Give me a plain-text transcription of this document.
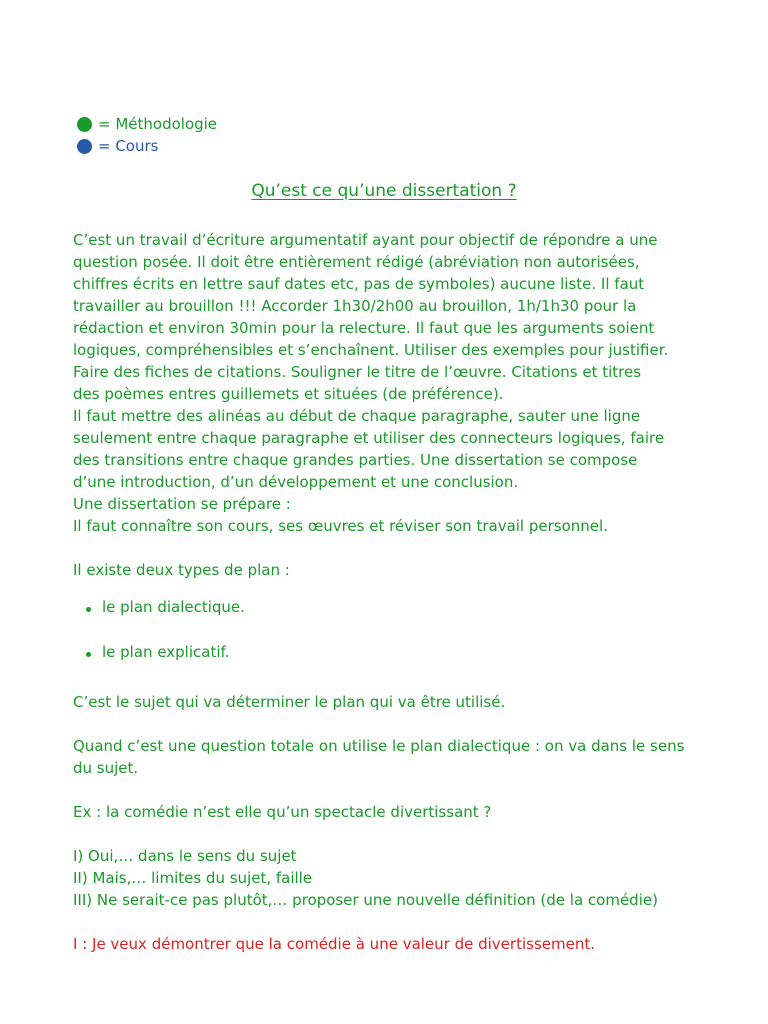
= Méthodologie
= Cours
Qu’est ce qu’une dissertation ?
C’est un travail d’écriture argumentatif ayant pour objectif de répondre a une
question posée. Il doit être entièrement rédigé (abréviation non autorisées,
chiffres écrits en lettre sauf dates etc, pas de symboles) aucune liste. Il faut
travailler au brouillon !!! Accorder 1h30/2h00 au brouillon, 1h/1h30 pour la
rédaction et environ 30min pour la relecture. Il faut que les arguments soient
logiques, compréhensibles et s’enchaînent. Utiliser des exemples pour justifier.
Faire des fiches de citations. Souligner le titre de l’œuvre. Citations et titres
des poèmes entres guillemets et situées (de préférence).
Il faut mettre des alinéas au début de chaque paragraphe, sauter une ligne
seulement entre chaque paragraphe et utiliser des connecteurs logiques, faire
des transitions entre chaque grandes parties. Une dissertation se compose
d’une introduction, d’un développement et une conclusion.
Une dissertation se prépare :
Il faut connaître son cours, ses œuvres et réviser son travail personnel.
Il existe deux types de plan :
le plan dialectique.
le plan explicatif.
C’est le sujet qui va déterminer le plan qui va être utilisé.
Quand c’est une question totale on utilise le plan dialectique : on va dans le sens
du sujet.
Ex : la comédie n’est elle qu’un spectacle divertissant ?
I) Oui,… dans le sens du sujet
II) Mais,… limites du sujet, faille
III) Ne serait-ce pas plutôt,… proposer une nouvelle définition (de la comédie)
I : Je veux démontrer que la comédie à une valeur de divertissement.
